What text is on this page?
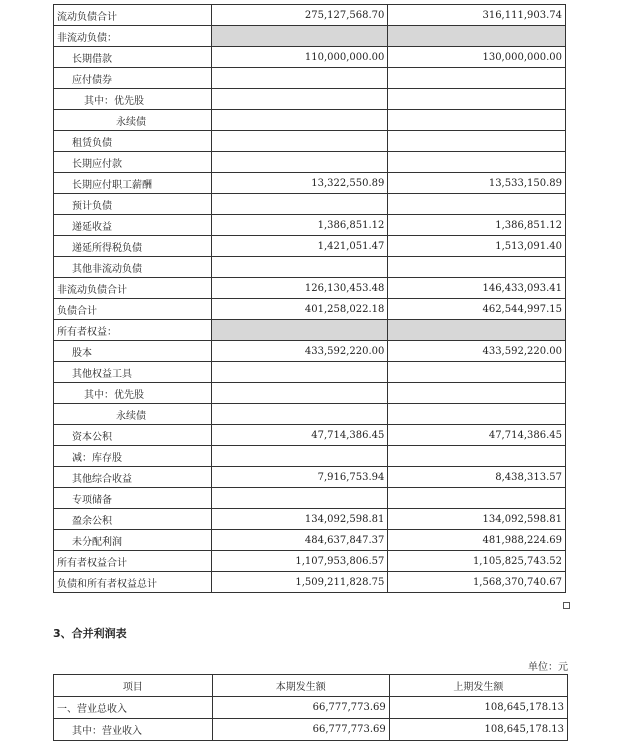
流动负债合计	275,127,568.70	316,111,903.74
非流动负债：		
长期借款	110,000,000.00	130,000,000.00
应付债券		
其中：优先股		
永续债		
租赁负债		
长期应付款		
长期应付职工薪酬	13,322,550.89	13,533,150.89
预计负债		
递延收益	1,386,851.12	1,386,851.12
递延所得税负债	1,421,051.47	1,513,091.40
其他非流动负债		
非流动负债合计	126,130,453.48	146,433,093.41
负债合计	401,258,022.18	462,544,997.15
所有者权益：		
股本	433,592,220.00	433,592,220.00
其他权益工具		
其中：优先股		
永续债		
资本公积	47,714,386.45	47,714,386.45
减：库存股		
其他综合收益	7,916,753.94	8,438,313.57
专项储备		
盈余公积	134,092,598.81	134,092,598.81
未分配利润	484,637,847.37	481,988,224.69
所有者权益合计	1,107,953,806.57	1,105,825,743.52
负债和所有者权益总计	1,509,211,828.75	1,568,370,740.67
3、合并利润表
单位：元
项目	本期发生额	上期发生额
一、营业总收入	66,777,773.69	108,645,178.13
其中：营业收入	66,777,773.69	108,645,178.13
